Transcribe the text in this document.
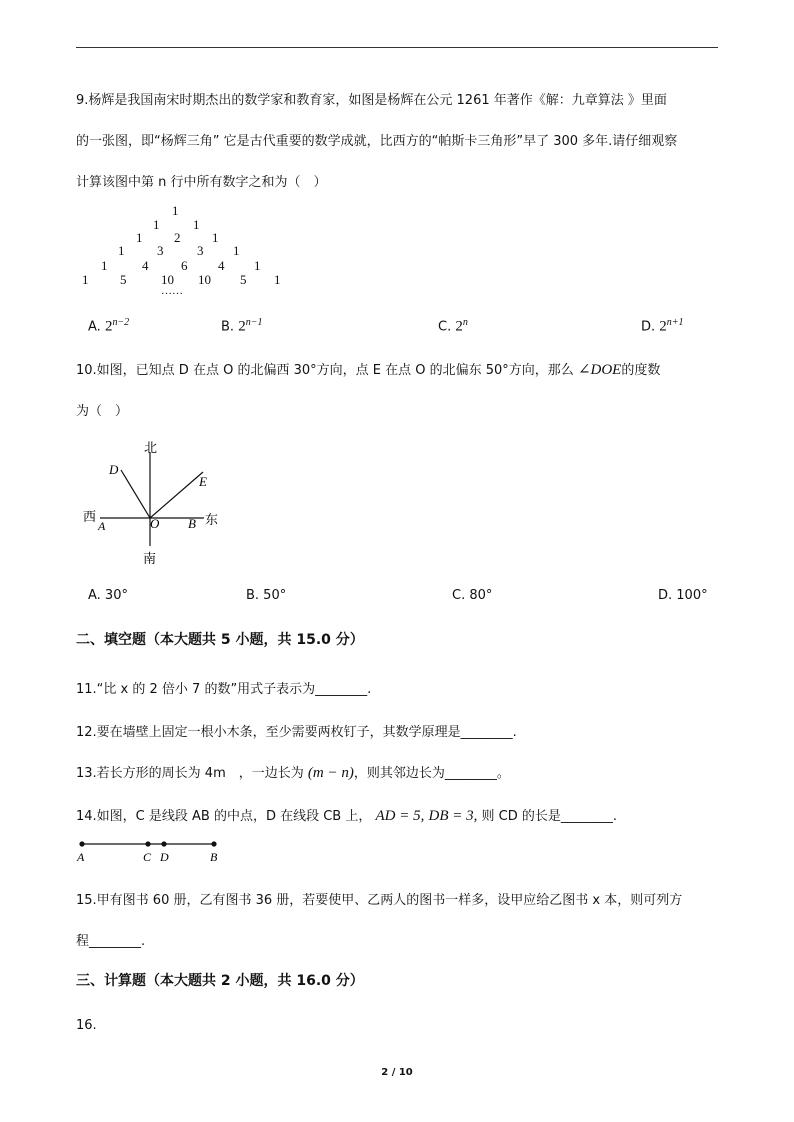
9.杨辉是我国南宋时期杰出的数学家和教育家，如图是杨辉在公元 1261 年著作《解：九章算法 》里面
的一张图，即“杨辉三角” 它是古代重要的数学成就，比西方的“帕斯卡三角形”早了 300 多年.请仔细观察
计算该图中第 n 行中所有数字之和为（　）
1
1	1
1 2 1
1	3	3 1
1	4	6 4 1
1 5	10 10 5 1
……
A. $2^{n-2}$	B. $2^{n-1}$	C. 2$^n$	D. $2^{n+1}$
10.如图，已知点 D 在点 O 的北偏西 30°方向，点 E 在点 O 的北偏东 50°方向，那么 ∠DOE的度数
为（　）
北
南
西	东
D
E
A	O B
A. 30°	B. 50°	C. 80°	D. 100°
二、填空题（本大题共 5 小题，共 15.0 分）
11.“比 x 的 2 倍小 7 的数”用式子表示为________.
12.要在墙壁上固定一根小木条，至少需要两枚钉子，其数学原理是________.
13.若长方形的周长为 4m　，一边长为 (m − n)，则其邻边长为________。
14.如图，C 是线段 AB 的中点，D 在线段 CB 上， AD = 5, DB = 3, 则 CD 的长是________.
A	C D	B
15.甲有图书 60 册，乙有图书 36 册，若要使甲、乙两人的图书一样多，设甲应给乙图书 x 本，则可列方
程________.
三、计算题（本大题共 2 小题，共 16.0 分）
16.
2 / 10
